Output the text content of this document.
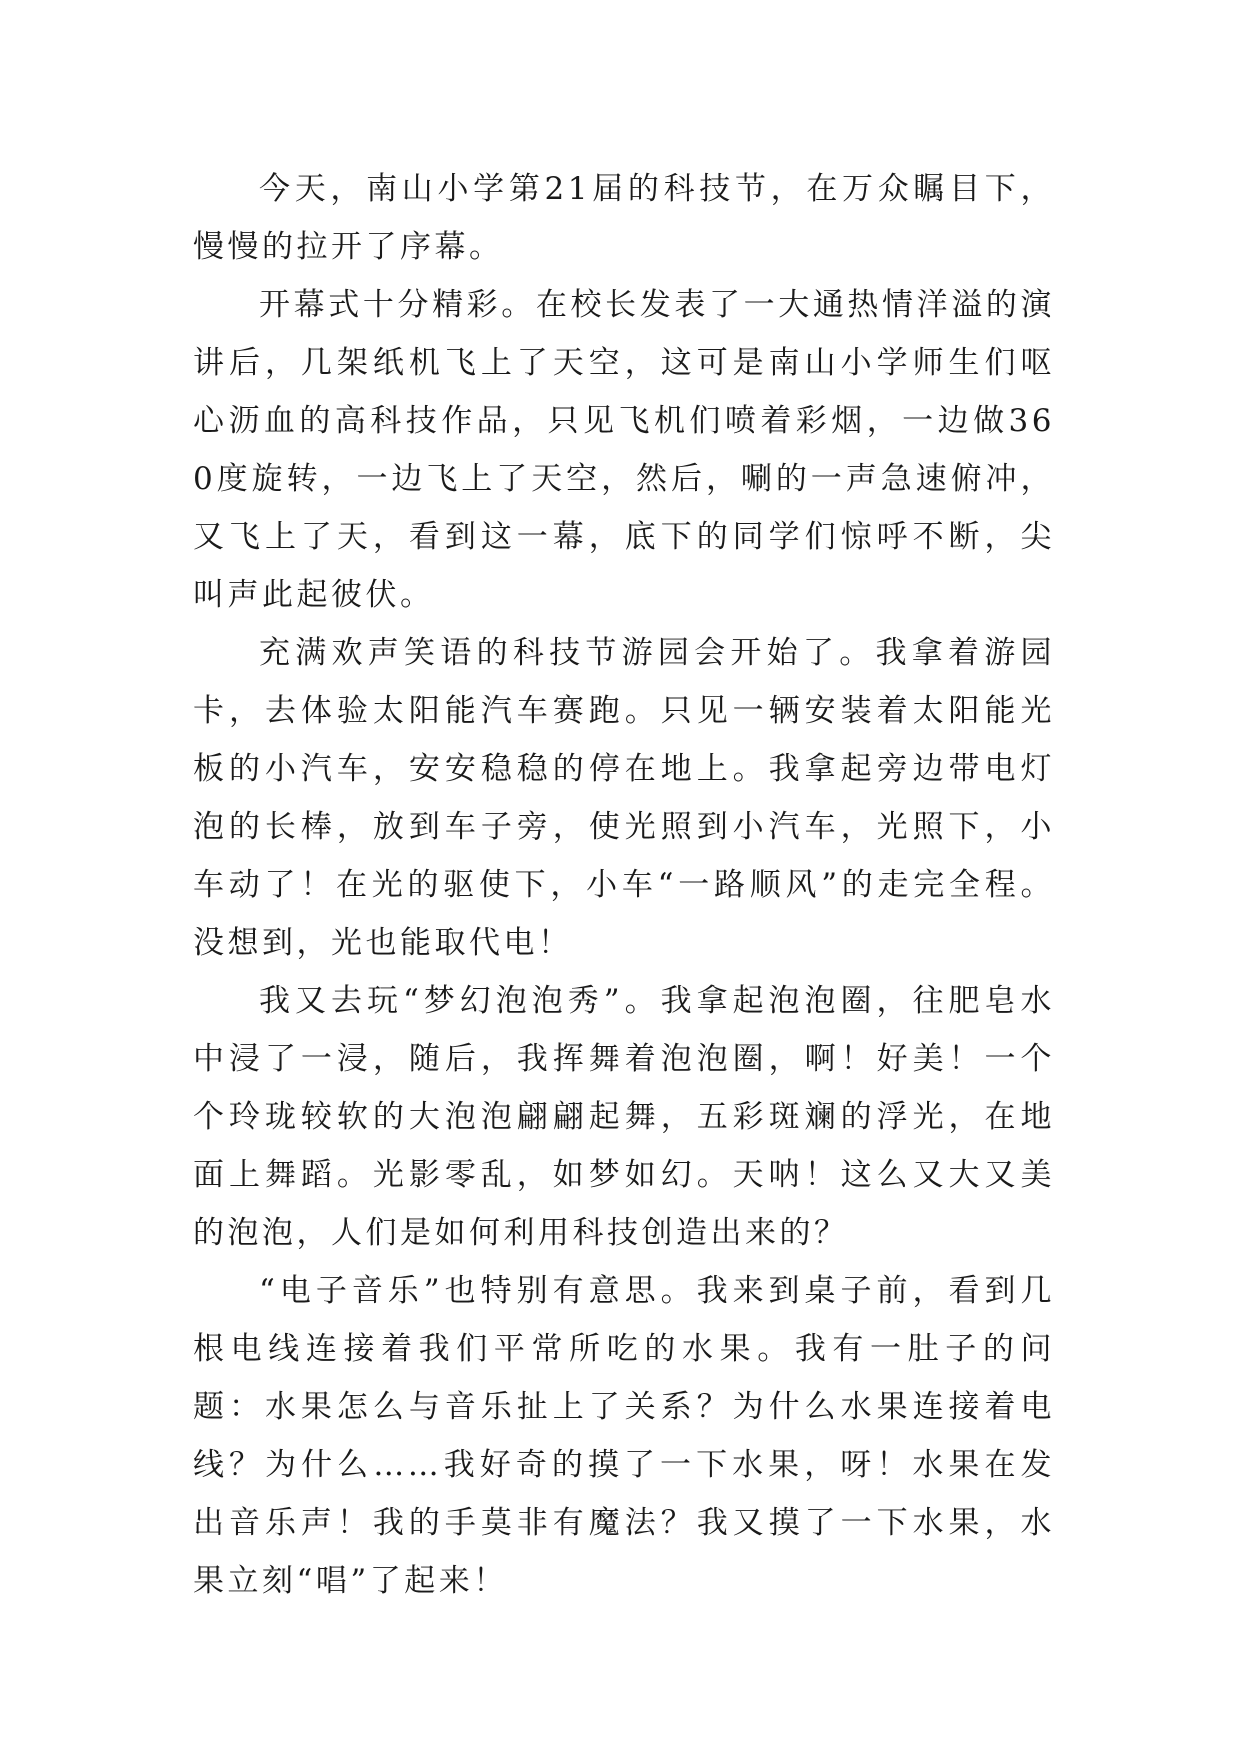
今天，南山小学第21届的科技节，在万众瞩目下，慢慢的拉开了序幕。

开幕式十分精彩。在校长发表了一大通热情洋溢的演讲后，几架纸机飞上了天空，这可是南山小学师生们呕心沥血的高科技作品，只见飞机们喷着彩烟，一边做360度旋转，一边飞上了天空，然后，唰的一声急速俯冲，又飞上了天，看到这一幕，底下的同学们惊呼不断，尖叫声此起彼伏。

充满欢声笑语的科技节游园会开始了。我拿着游园卡，去体验太阳能汽车赛跑。只见一辆安装着太阳能光板的小汽车，安安稳稳的停在地上。我拿起旁边带电灯泡的长棒，放到车子旁，使光照到小汽车，光照下，小车动了！在光的驱使下，小车“一路顺风”的走完全程。没想到，光也能取代电！

我又去玩“梦幻泡泡秀”。我拿起泡泡圈，往肥皂水中浸了一浸，随后，我挥舞着泡泡圈，啊！好美！一个个玲珑较软的大泡泡翩翩起舞，五彩斑斓的浮光，在地面上舞蹈。光影零乱，如梦如幻。天呐！这么又大又美的泡泡，人们是如何利用科技创造出来的？

“电子音乐”也特别有意思。我来到桌子前，看到几根电线连接着我们平常所吃的水果。我有一肚子的问题：水果怎么与音乐扯上了关系？为什么水果连接着电线？为什么……我好奇的摸了一下水果，呀！水果在发出音乐声！我的手莫非有魔法？我又摸了一下水果，水果立刻“唱”了起来！
